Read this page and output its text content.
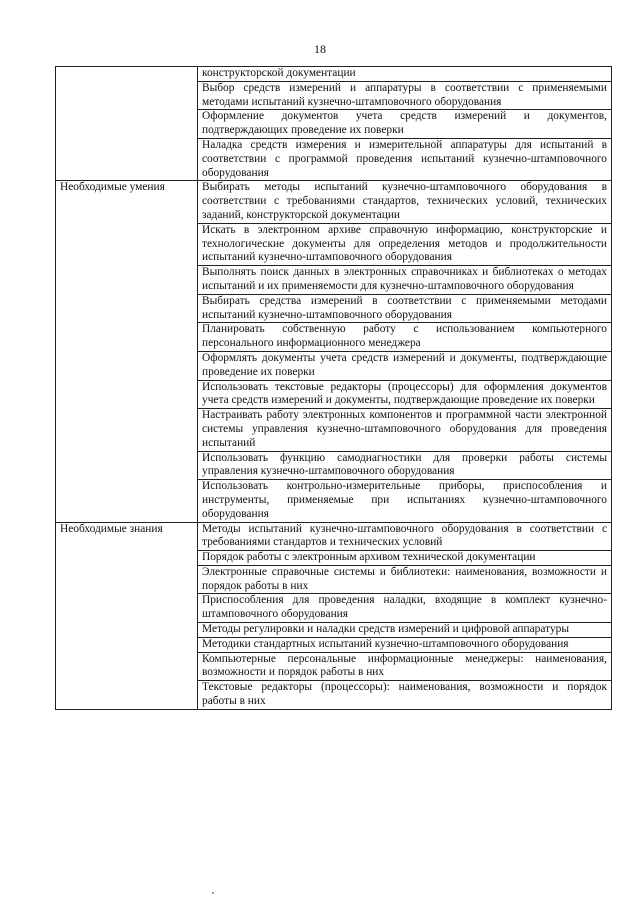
18
	конструкторской документации
	Выбор средств измерений и аппаратуры в соответствии с применяемыми методами испытаний кузнечно-штамповочного оборудования
	Оформление документов учета средств измерений и документов, подтверждающих проведение их поверки
	Наладка средств измерения и измерительной аппаратуры для испытаний в соответствии с программой проведения испытаний кузнечно-штамповочного оборудования
Необходимые умения	Выбирать методы испытаний кузнечно-штамповочного оборудования в соответствии с требованиями стандартов, технических условий, технических заданий, конструкторской документации
	Искать в электронном архиве справочную информацию, конструкторские и технологические документы для определения методов и продолжительности испытаний кузнечно-штамповочного оборудования
	Выполнять поиск данных в электронных справочниках и библиотеках о методах испытаний и их применяемости для кузнечно-штамповочного оборудования
	Выбирать средства измерений в соответствии с применяемыми методами испытаний кузнечно-штамповочного оборудования
	Планировать собственную работу с использованием компьютерного персонального информационного менеджера
	Оформлять документы учета средств измерений и документы, подтверждающие проведение их поверки
	Использовать текстовые редакторы (процессоры) для оформления документов учета средств измерений и документы, подтверждающие проведение их поверки
	Настраивать работу электронных компонентов и программной части электронной системы управления кузнечно-штамповочного оборудования для проведения испытаний
	Использовать функцию самодиагностики для проверки работы системы управления кузнечно-штамповочного оборудования
	Использовать контрольно-измерительные приборы, приспособления и инструменты, применяемые при испытаниях кузнечно-штамповочного оборудования
Необходимые знания	Методы испытаний кузнечно-штамповочного оборудования в соответствии с требованиями стандартов и технических условий
	Порядок работы с электронным архивом технической документации
	Электронные справочные системы и библиотеки: наименования, возможности и порядок работы в них
	Приспособления для проведения наладки, входящие в комплект кузнечно-штамповочного оборудования
	Методы регулировки и наладки средств измерений и цифровой аппаратуры
	Методики стандартных испытаний кузнечно-штамповочного оборудования
	Компьютерные персональные информационные менеджеры: наименования, возможности и порядок работы в них
	Текстовые редакторы (процессоры): наименования, возможности и порядок работы в них
